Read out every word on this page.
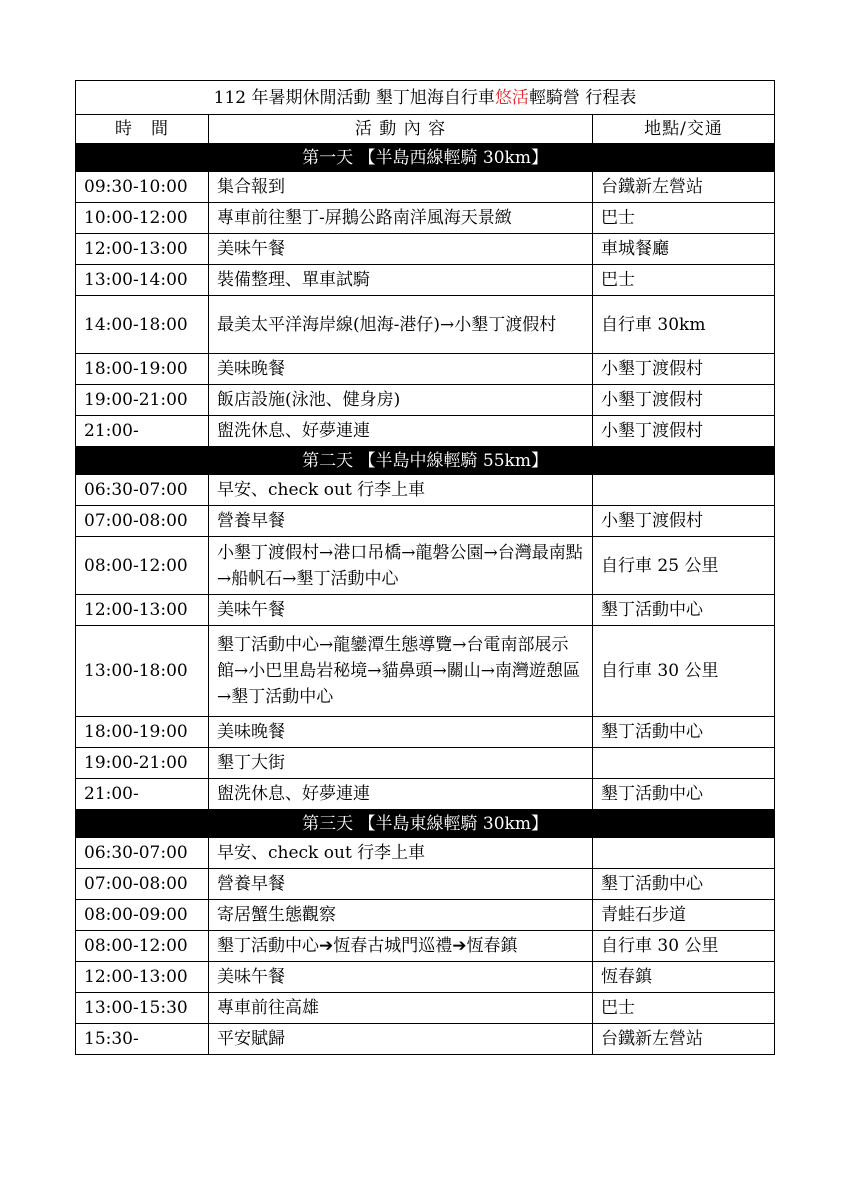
112 年暑期休閒活動 墾丁旭海自行車悠活輕騎營 行程表		
時　間	活 動 內 容	地點/交通
第一天 【半島西線輕騎 30km】		
09:30-10:00	集合報到	台鐵新左營站
10:00-12:00	專車前往墾丁-屏鵝公路南洋風海天景緻	巴士
12:00-13:00	美味午餐	車城餐廳
13:00-14:00	裝備整理、單車試騎	巴士
14:00-18:00	最美太平洋海岸線(旭海-港仔)→小墾丁渡假村	自行車 30km
18:00-19:00	美味晚餐	小墾丁渡假村
19:00-21:00	飯店設施(泳池、健身房)	小墾丁渡假村
21:00-	盥洗休息、好夢連連	小墾丁渡假村
第二天 【半島中線輕騎 55km】		
06:30-07:00	早安、check out 行李上車	
07:00-08:00	營養早餐	小墾丁渡假村
08:00-12:00	小墾丁渡假村→港口吊橋→龍磐公園→台灣最南點→船帆石→墾丁活動中心	自行車 25 公里
12:00-13:00	美味午餐	墾丁活動中心
13:00-18:00	墾丁活動中心→龍鑾潭生態導覽→台電南部展示館→小巴里島岩秘境→貓鼻頭→關山→南灣遊憩區→墾丁活動中心	自行車 30 公里
18:00-19:00	美味晚餐	墾丁活動中心
19:00-21:00	墾丁大街	
21:00-	盥洗休息、好夢連連	墾丁活動中心
第三天 【半島東線輕騎 30km】		
06:30-07:00	早安、check out 行李上車	
07:00-08:00	營養早餐	墾丁活動中心
08:00-09:00	寄居蟹生態觀察	青蛙石步道
08:00-12:00	墾丁活動中心➔恆春古城門巡禮➔恆春鎮	自行車 30 公里
12:00-13:00	美味午餐	恆春鎮
13:00-15:30	專車前往高雄	巴士
15:30-	平安賦歸	台鐵新左營站
